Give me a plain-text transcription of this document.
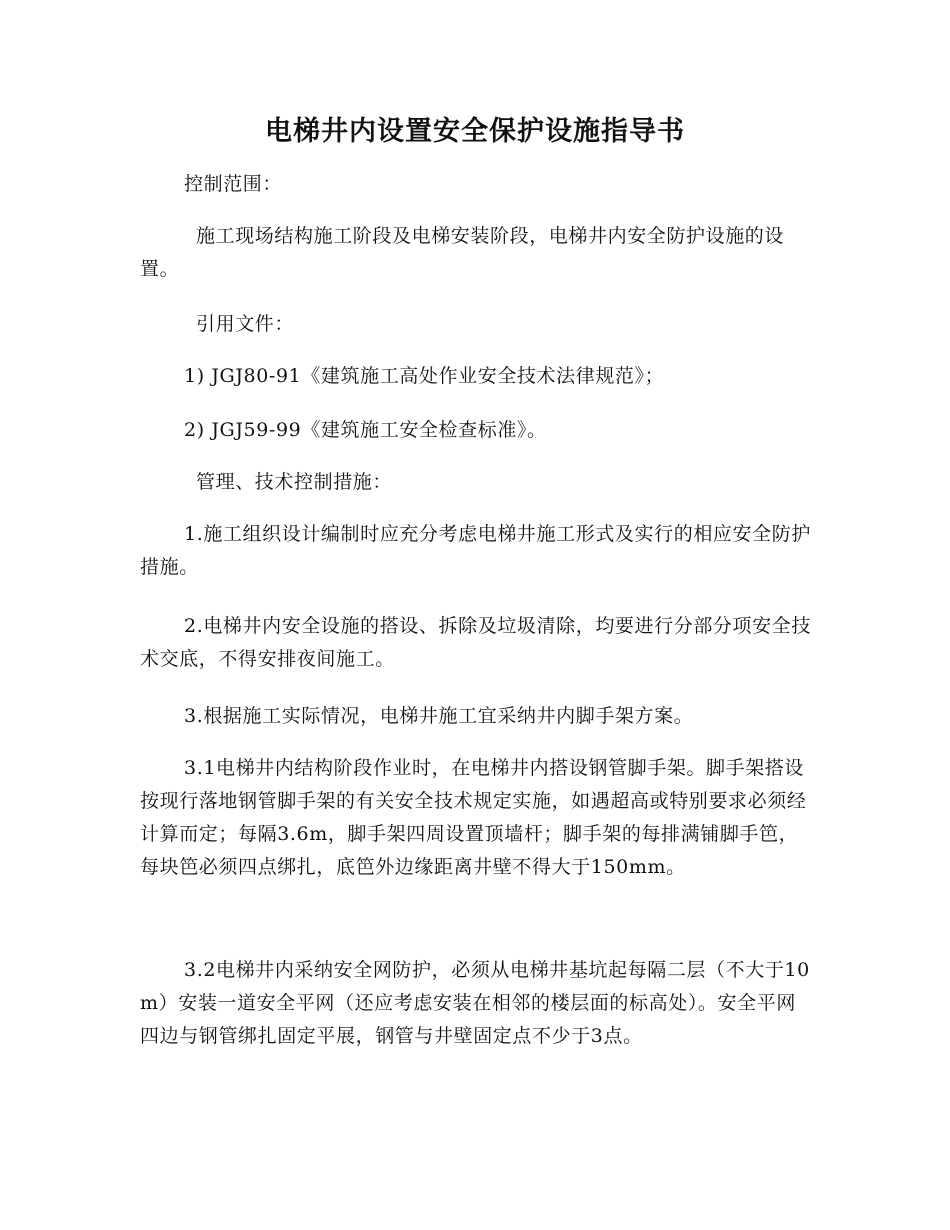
电梯井内设置安全保护设施指导书

控制范围：

施工现场结构施工阶段及电梯安装阶段，电梯井内安全防护设施的设置。

引用文件：

1) JGJ80-91《建筑施工高处作业安全技术法律规范》；

2) JGJ59-99《建筑施工安全检查标准》。

管理、技术控制措施：

1.施工组织设计编制时应充分考虑电梯井施工形式及实行的相应安全防护措施。

2.电梯井内安全设施的搭设、拆除及垃圾清除，均要进行分部分项安全技术交底，不得安排夜间施工。

3.根据施工实际情况，电梯井施工宜采纳井内脚手架方案。

3.1电梯井内结构阶段作业时，在电梯井内搭设钢管脚手架。脚手架搭设按现行落地钢管脚手架的有关安全技术规定实施，如遇超高或特别要求必须经计算而定；每隔3.6m，脚手架四周设置顶墙杆；脚手架的每排满铺脚手笆，每块笆必须四点绑扎，底笆外边缘距离井壁不得大于150mm。

3.2电梯井内采纳安全网防护，必须从电梯井基坑起每隔二层（不大于10m）安装一道安全平网（还应考虑安装在相邻的楼层面的标高处）。安全平网四边与钢管绑扎固定平展，钢管与井壁固定点不少于3点。
